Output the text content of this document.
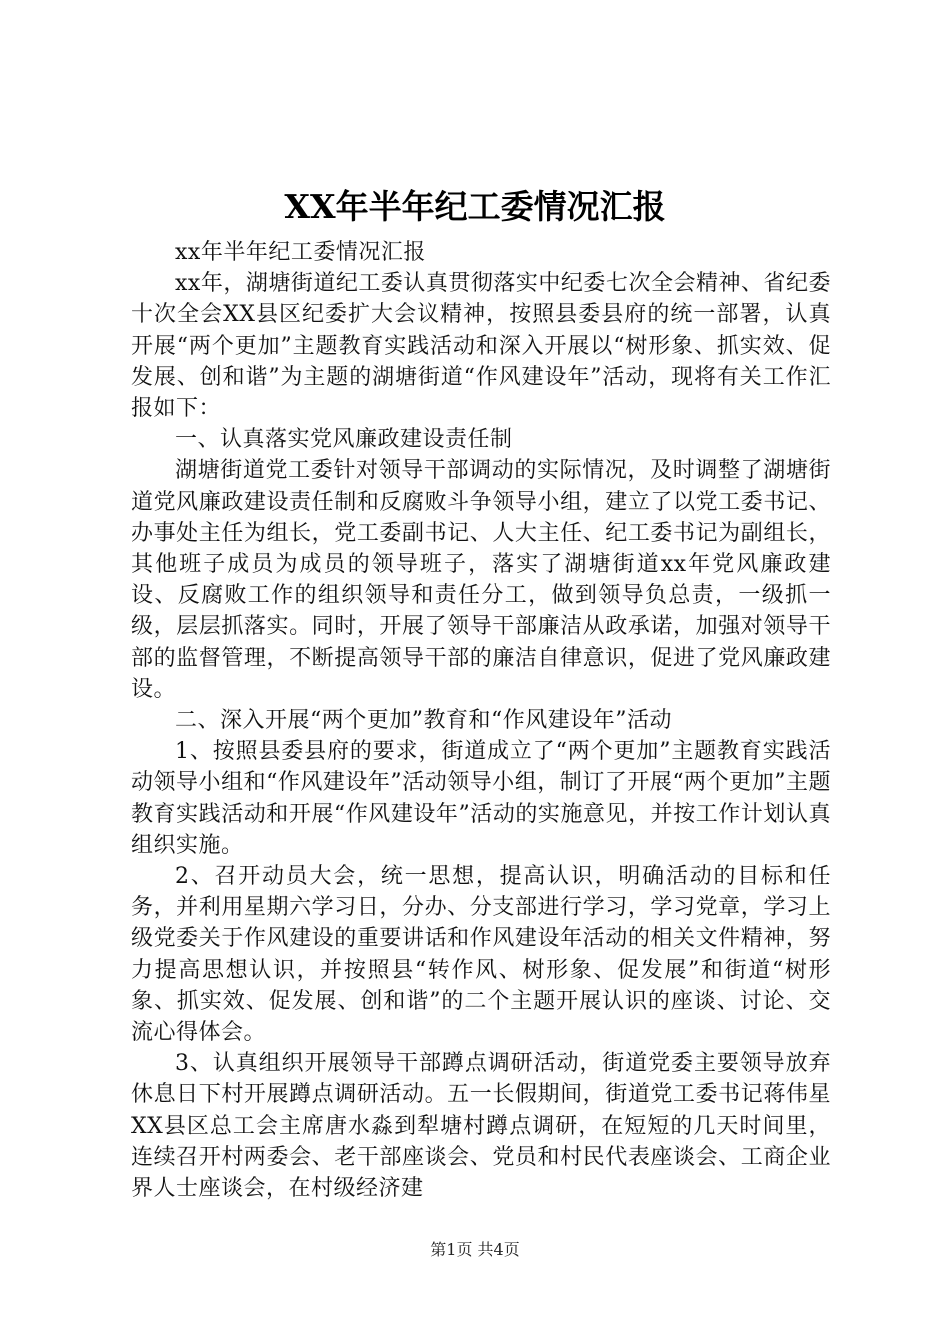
XX年半年纪工委情况汇报

xx年半年纪工委情况汇报

xx年，湖塘街道纪工委认真贯彻落实中纪委七次全会精神、省纪委十次全会XX县区纪委扩大会议精神，按照县委县府的统一部署，认真开展“两个更加”主题教育实践活动和深入开展以“树形象、抓实效、促发展、创和谐”为主题的湖塘街道“作风建设年”活动，现将有关工作汇报如下：

一、认真落实党风廉政建设责任制

湖塘街道党工委针对领导干部调动的实际情况，及时调整了湖塘街道党风廉政建设责任制和反腐败斗争领导小组，建立了以党工委书记、办事处主任为组长，党工委副书记、人大主任、纪工委书记为副组长，其他班子成员为成员的领导班子，落实了湖塘街道xx年党风廉政建设、反腐败工作的组织领导和责任分工，做到领导负总责，一级抓一级，层层抓落实。同时，开展了领导干部廉洁从政承诺，加强对领导干部的监督管理，不断提高领导干部的廉洁自律意识，促进了党风廉政建设。

二、深入开展“两个更加”教育和“作风建设年”活动

1、按照县委县府的要求，街道成立了“两个更加”主题教育实践活动领导小组和“作风建设年”活动领导小组，制订了开展“两个更加”主题教育实践活动和开展“作风建设年”活动的实施意见，并按工作计划认真组织实施。

2、召开动员大会，统一思想，提高认识，明确活动的目标和任务，并利用星期六学习日，分办、分支部进行学习，学习党章，学习上级党委关于作风建设的重要讲话和作风建设年活动的相关文件精神，努力提高思想认识，并按照县“转作风、树形象、促发展”和街道“树形象、抓实效、促发展、创和谐”的二个主题开展认识的座谈、讨论、交流心得体会。

3、认真组织开展领导干部蹲点调研活动，街道党委主要领导放弃休息日下村开展蹲点调研活动。五一长假期间，街道党工委书记蒋伟星XX县区总工会主席唐水淼到犁塘村蹲点调研，在短短的几天时间里，连续召开村两委会、老干部座谈会、党员和村民代表座谈会、工商企业界人士座谈会，在村级经济建

第1页 共4页
